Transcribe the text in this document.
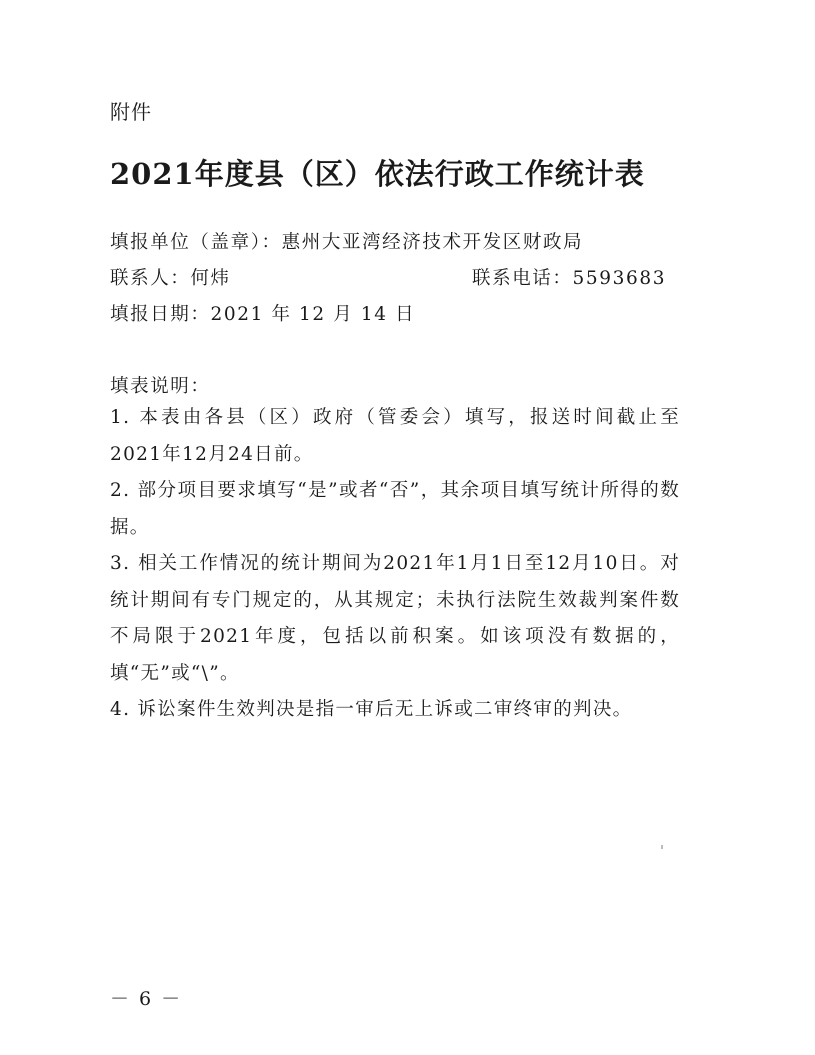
附件
2021年度县（区）依法行政工作统计表
填报单位（盖章）：惠州大亚湾经济技术开发区财政局
联系人：何炜	联系电话：5593683
填报日期：2021 年 12 月 14 日
填表说明：
1. 本表由各县（区）政府（管委会）填写，报送时间截止至2021年12月24日前。
2. 部分项目要求填写“是”或者“否”，其余项目填写统计所得的数据。
3. 相关工作情况的统计期间为2021年1月1日至12月10日。对统计期间有专门规定的，从其规定；未执行法院生效裁判案件数不局限于2021年度，包括以前积案。如该项没有数据的，填“无”或“\”。
4. 诉讼案件生效判决是指一审后无上诉或二审终审的判决。
－ 6 －
